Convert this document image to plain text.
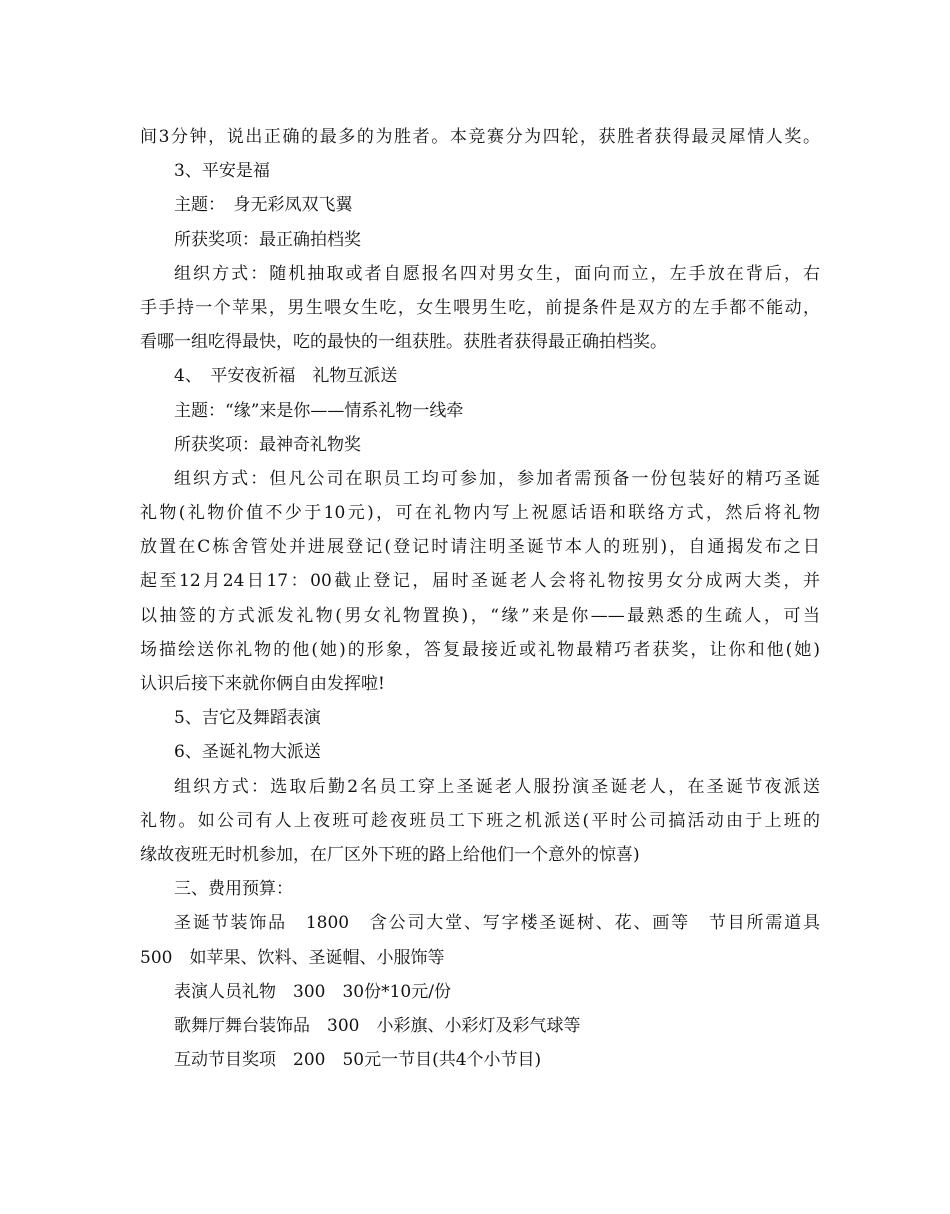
间3分钟，说出正确的最多的为胜者。本竞赛分为四轮，获胜者获得最灵犀情人奖。
3、平安是福
主题：　身无彩凤双飞翼
所获奖项：最正确拍档奖
组织方式：随机抽取或者自愿报名四对男女生，面向而立，左手放在背后，右
手手持一个苹果，男生喂女生吃，女生喂男生吃，前提条件是双方的左手都不能动，
看哪一组吃得最快，吃的最快的一组获胜。获胜者获得最正确拍档奖。
4、　平安夜祈福　礼物互派送
主题：“缘”来是你——情系礼物一线牵
所获奖项：最神奇礼物奖
组织方式：但凡公司在职员工均可参加，参加者需预备一份包装好的精巧圣诞
礼物(礼物价值不少于10元)，可在礼物内写上祝愿话语和联络方式，然后将礼物
放置在C栋舍管处并进展登记(登记时请注明圣诞节本人的班别)，自通揭发布之日
起至12月24日17：00截止登记，届时圣诞老人会将礼物按男女分成两大类，并
以抽签的方式派发礼物(男女礼物置换)，“缘”来是你——最熟悉的生疏人，可当
场描绘送你礼物的他(她)的形象，答复最接近或礼物最精巧者获奖，让你和他(她)
认识后接下来就你俩自由发挥啦!
5、吉它及舞蹈表演
6、圣诞礼物大派送
组织方式：选取后勤2名员工穿上圣诞老人服扮演圣诞老人，在圣诞节夜派送
礼物。如公司有人上夜班可趁夜班员工下班之机派送(平时公司搞活动由于上班的
缘故夜班无时机参加，在厂区外下班的路上给他们一个意外的惊喜)
三、费用预算：
圣诞节装饰品　1800　含公司大堂、写字楼圣诞树、花、画等　节目所需道具
500　如苹果、饮料、圣诞帽、小服饰等
表演人员礼物　300　30份*10元/份
歌舞厅舞台装饰品　300　小彩旗、小彩灯及彩气球等
互动节目奖项　200　50元一节目(共4个小节目)
